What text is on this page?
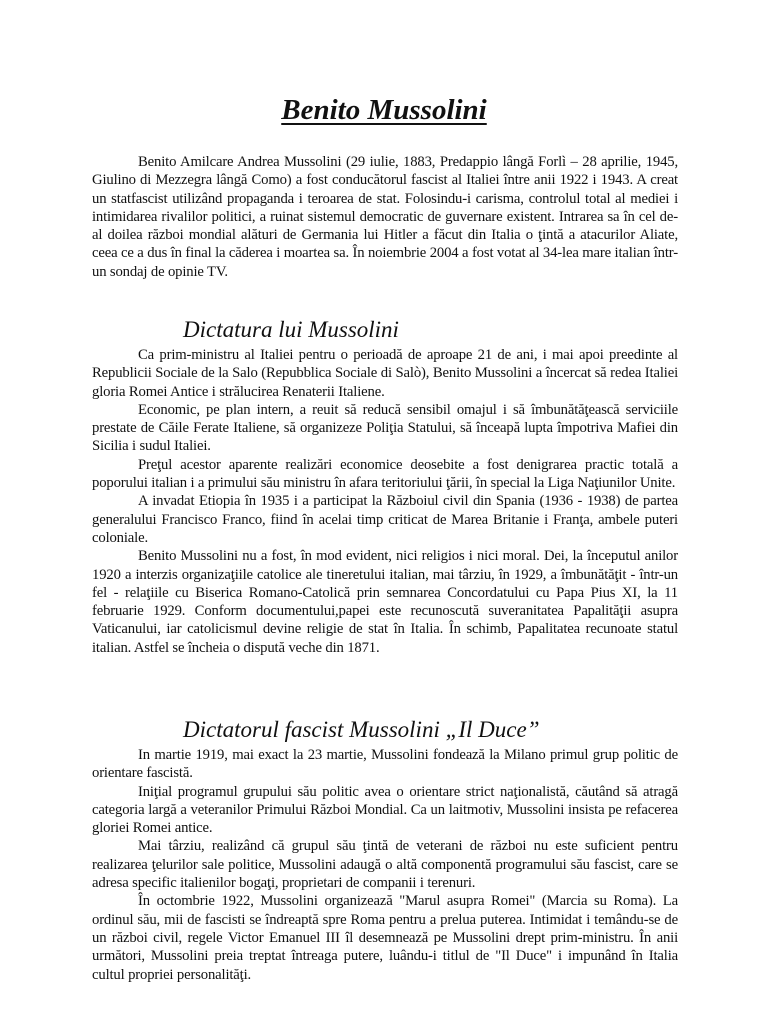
Benito Mussolini

Benito Amilcare Andrea Mussolini (29 iulie, 1883, Predappio lângă Forlì – 28 aprilie, 1945, Giulino di Mezzegra lângă Como) a fost conducătorul fascist al Italiei între anii 1922 i 1943. A creat un statfascist utilizând propaganda i teroarea de stat. Folosindu-i carisma, controlul total al mediei i intimidarea rivalilor politici, a ruinat sistemul democratic de guvernare existent. Intrarea sa în cel de-al doilea război mondial alături de Germania lui Hitler a făcut din Italia o ţintă a atacurilor Aliate, ceea ce a dus în final la căderea i moartea sa. În noiembrie 2004 a fost votat al 34-lea mare italian într-un sondaj de opinie TV.

Dictatura lui Mussolini

Ca prim-ministru al Italiei pentru o perioadă de aproape 21 de ani, i mai apoi preedinte al Republicii Sociale de la Salo (Repubblica Sociale di Salò), Benito Mussolini a încercat să redea Italiei gloria Romei Antice i strălucirea Renaterii Italiene.

Economic, pe plan intern, a reuit să reducă sensibil omajul i să îmbunătăţească serviciile prestate de Căile Ferate Italiene, să organizeze Poliţia Statului, să înceapă lupta împotriva Mafiei din Sicilia i sudul Italiei.

Preţul acestor aparente realizări economice deosebite a fost denigrarea practic totală a poporului italian i a primului său ministru în afara teritoriului ţării, în special la Liga Naţiunilor Unite.

A invadat Etiopia în 1935 i a participat la Războiul civil din Spania (1936 - 1938) de partea generalului Francisco Franco, fiind în acelai timp criticat de Marea Britanie i Franţa, ambele puteri coloniale.

Benito Mussolini nu a fost, în mod evident, nici religios i nici moral. Dei, la începutul anilor 1920 a interzis organizaţiile catolice ale tineretului italian, mai târziu, în 1929, a îmbunătăţit - într-un fel - relaţiile cu Biserica Romano-Catolică prin semnarea Concordatului cu Papa Pius XI, la 11 februarie 1929. Conform documentului,papei este recunoscută suveranitatea Papalităţii asupra Vaticanului, iar catolicismul devine religie de stat în Italia. În schimb, Papalitatea recunoate statul italian. Astfel se încheia o dispută veche din 1871.

Dictatorul fascist Mussolini „Il Duce”

In martie 1919, mai exact la 23 martie, Mussolini fondează la Milano primul grup politic de orientare fascistă.

Iniţial programul grupului său politic avea o orientare strict naţionalistă, căutând să atragă categoria largă a veteranilor Primului Război Mondial. Ca un laitmotiv, Mussolini insista pe refacerea gloriei Romei antice.

Mai târziu, realizând că grupul său ţintă de veterani de război nu este suficient pentru realizarea ţelurilor sale politice, Mussolini adaugă o altă componentă programului său fascist, care se adresa specific italienilor bogaţi, proprietari de companii i terenuri.

În octombrie 1922, Mussolini organizează "Marul asupra Romei" (Marcia su Roma). La ordinul său, mii de fascisti se îndreaptă spre Roma pentru a prelua puterea. Intimidat i temându-se de un război civil, regele Victor Emanuel III îl desemnează pe Mussolini drept prim-ministru. În anii următori, Mussolini preia treptat întreaga putere, luându-i titlul de "Il Duce" i impunând în Italia cultul propriei personalităţi.
